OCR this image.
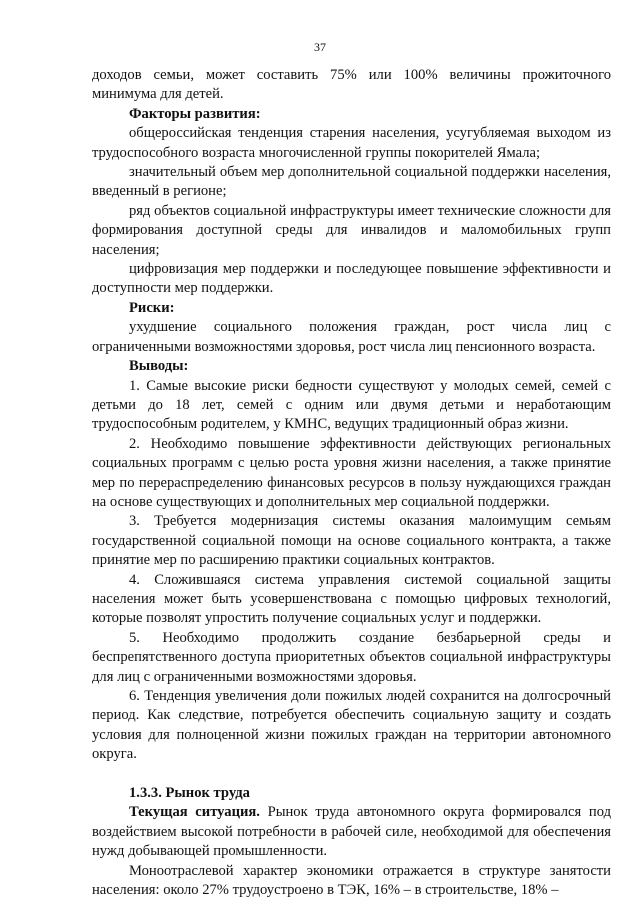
37

доходов семьи, может составить 75% или 100% величины прожиточного минимума для детей.

Факторы развития:

общероссийская тенденция старения населения, усугубляемая выходом из трудоспособного возраста многочисленной группы покорителей Ямала;

значительный объем мер дополнительной социальной поддержки населения, введенный в регионе;

ряд объектов социальной инфраструктуры имеет технические сложности для формирования доступной среды для инвалидов и маломобильных групп населения;

цифровизация мер поддержки и последующее повышение эффективности и доступности мер поддержки.

Риски:

ухудшение социального положения граждан, рост числа лиц с ограниченными возможностями здоровья, рост числа лиц пенсионного возраста.

Выводы:

1. Самые высокие риски бедности существуют у молодых семей, семей с детьми до 18 лет, семей с одним или двумя детьми и неработающим трудоспособным родителем, у КМНС, ведущих традиционный образ жизни.

2. Необходимо повышение эффективности действующих региональных социальных программ с целью роста уровня жизни населения, а также принятие мер по перераспределению финансовых ресурсов в пользу нуждающихся граждан на основе существующих и дополнительных мер социальной поддержки.

3. Требуется модернизация системы оказания малоимущим семьям государственной социальной помощи на основе социального контракта, а также принятие мер по расширению практики социальных контрактов.

4. Сложившаяся система управления системой социальной защиты населения может быть усовершенствована с помощью цифровых технологий, которые позволят упростить получение социальных услуг и поддержки.

5. Необходимо продолжить создание безбарьерной среды и беспрепятственного доступа приоритетных объектов социальной инфраструктуры для лиц с ограниченными возможностями здоровья.

6. Тенденция увеличения доли пожилых людей сохранится на долгосрочный период. Как следствие, потребуется обеспечить социальную защиту и создать условия для полноценной жизни пожилых граждан на территории автономного округа.

1.3.3. Рынок труда

Текущая ситуация. Рынок труда автономного округа формировался под воздействием высокой потребности в рабочей силе, необходимой для обеспечения нужд добывающей промышленности.

Моноотраслевой характер экономики отражается в структуре занятости населения: около 27% трудоустроено в ТЭК, 16% – в строительстве, 18% –
